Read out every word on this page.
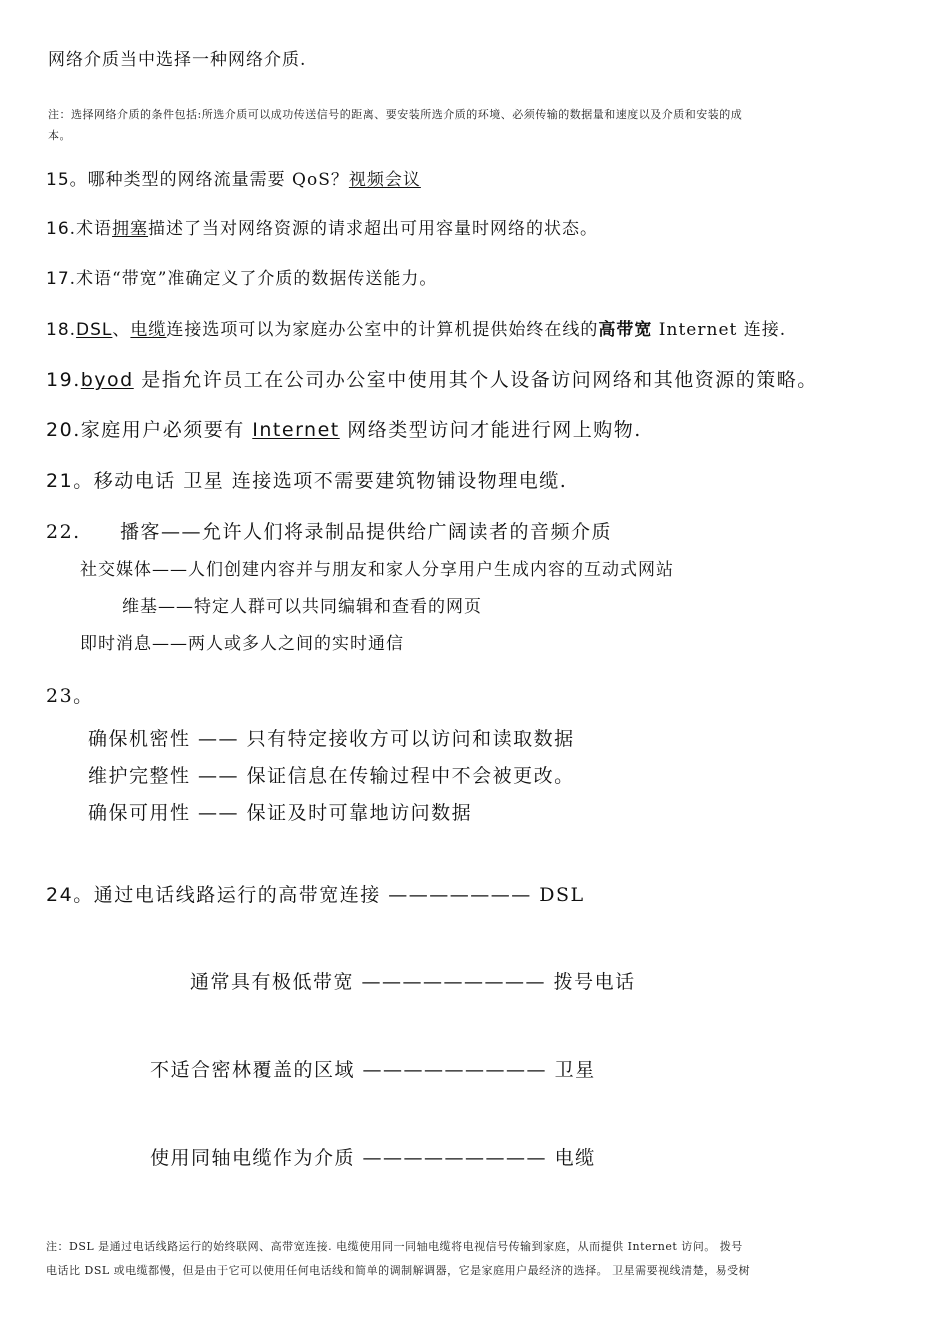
网络介质当中选择一种网络介质.
注：选择网络介质的条件包括:所选介质可以成功传送信号的距离、要安装所选介质的环境、必须传输的数据量和速度以及介质和安装的成
本。
15。哪种类型的网络流量需要 QoS？视频会议
16.术语拥塞描述了当对网络资源的请求超出可用容量时网络的状态。
17.术语“带宽”准确定义了介质的数据传送能力。
18.DSL、电缆连接选项可以为家庭办公室中的计算机提供始终在线的高带宽 Internet 连接.
19.byod 是指允许员工在公司办公室中使用其个人设备访问网络和其他资源的策略。
20.家庭用户必须要有 Internet 网络类型访问才能进行网上购物.
21。移动电话 卫星 连接选项不需要建筑物铺设物理电缆.
22. 播客——允许人们将录制品提供给广阔读者的音频介质
社交媒体——人们创建内容并与朋友和家人分享用户生成内容的互动式网站
维基——特定人群可以共同编辑和查看的网页
即时消息——两人或多人之间的实时通信
23。
确保机密性 —— 只有特定接收方可以访问和读取数据
维护完整性 —— 保证信息在传输过程中不会被更改。
确保可用性 —— 保证及时可靠地访问数据
24。通过电话线路运行的高带宽连接 ——————— DSL
通常具有极低带宽 ————————— 拨号电话
不适合密林覆盖的区域 ————————— 卫星
使用同轴电缆作为介质 ————————— 电缆
注：DSL 是通过电话线路运行的始终联网、高带宽连接. 电缆使用同一同轴电缆将电视信号传输到家庭，从而提供 Internet 访问。 拨号
电话比 DSL 或电缆都慢，但是由于它可以使用任何电话线和简单的调制解调器，它是家庭用户最经济的选择。 卫星需要视线清楚，易受树
